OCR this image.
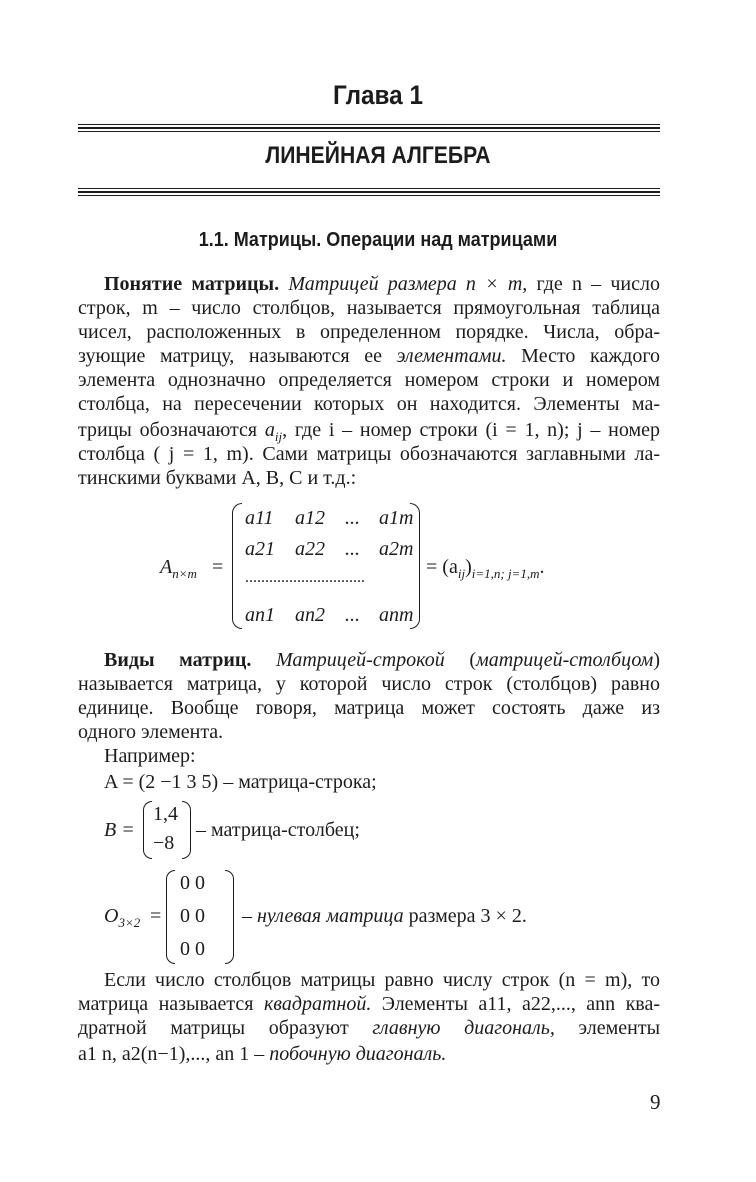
Глава 1
ЛИНЕЙНАЯ АЛГЕБРА
1.1. Матрицы. Операции над матрицами
Понятие матрицы. Матрицей размера n × m, где n – число
строк, m – число столбцов, называется прямоугольная таблица
чисел, расположенных в определенном порядке. Числа, обра-
зующие матрицу, называются ее элементами. Место каждого
элемента однозначно определяется номером строки и номером
столбца, на пересечении которых он находится. Элементы ма-
трицы обозначаются $a_{ij}$, где i – номер строки (i = 1, n); j – номер
столбца ( j = 1, m). Сами матрицы обозначаются заглавными ла-
тинскими буквами A, B, C и т.д.:
$A_{n\times m}$ =
a11 a12 ... a1m
a21 a22 ... a2m
..............................
an1 an2 ... anm
= $(a_{ij})_{i=1,n; j=1,m}$.
Виды матриц. Матрицей-строкой (матрицей-столбцом)
называется матрица, у которой число строк (столбцов) равно
единице. Вообще говоря, матрица может состоять даже из
одного элемента.
Например:
A = (2 −1 3 5) – матрица-строка;
B =
1,4
−8
– матрица-столбец;
$O_{3\times 2}$ =
0 0
0 0
0 0
– нулевая матрица размера 3 × 2.
Если число столбцов матрицы равно числу строк (n = m), то
матрица называется квадратной. Элементы a11, a22,..., ann ква-
дратной матрицы образуют главную диагональ, элементы
a1 n, a2(n−1),..., an 1 – побочную диагональ.
9
